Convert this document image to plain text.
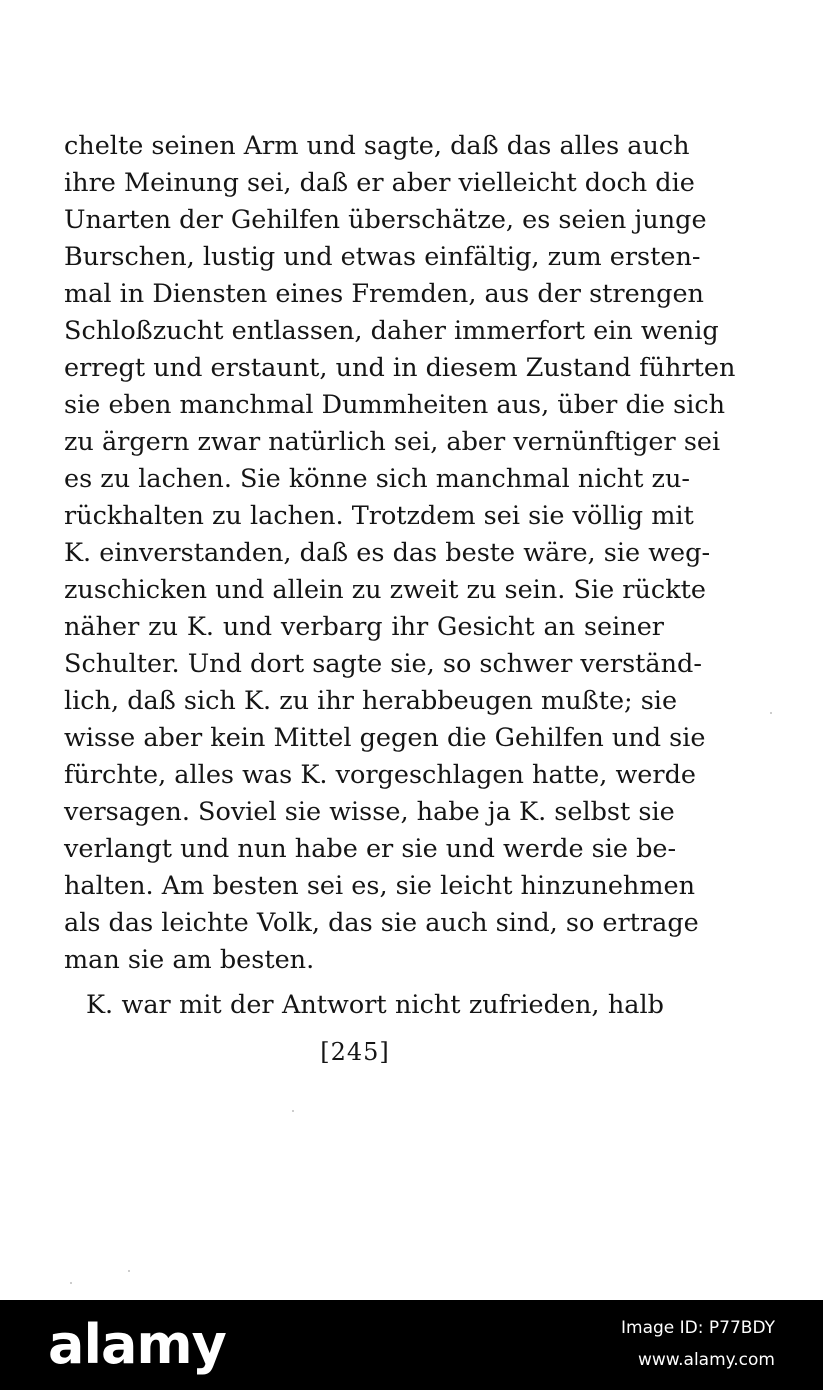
chelte seinen Arm und sagte, daß das alles auch
ihre Meinung sei, daß er aber vielleicht doch die
Unarten der Gehilfen überschätze, es seien junge
Burschen, lustig und etwas einfältig, zum ersten-
mal in Diensten eines Fremden, aus der strengen
Schloßzucht entlassen, daher immerfort ein wenig
erregt und erstaunt, und in diesem Zustand führten
sie eben manchmal Dummheiten aus, über die sich
zu ärgern zwar natürlich sei, aber vernünftiger sei
es zu lachen. Sie könne sich manchmal nicht zu-
rückhalten zu lachen. Trotzdem sei sie völlig mit
K. einverstanden, daß es das beste wäre, sie weg-
zuschicken und allein zu zweit zu sein. Sie rückte
näher zu K. und verbarg ihr Gesicht an seiner
Schulter. Und dort sagte sie, so schwer verständ-
lich, daß sich K. zu ihr herabbeugen mußte; sie
wisse aber kein Mittel gegen die Gehilfen und sie
fürchte, alles was K. vorgeschlagen hatte, werde
versagen. Soviel sie wisse, habe ja K. selbst sie
verlangt und nun habe er sie und werde sie be-
halten. Am besten sei es, sie leicht hinzunehmen
als das leichte Volk, das sie auch sind, so ertrage
man sie am besten.
K. war mit der Antwort nicht zufrieden, halb
[245]
alamy	Image ID: P77BDY
www.alamy.com
